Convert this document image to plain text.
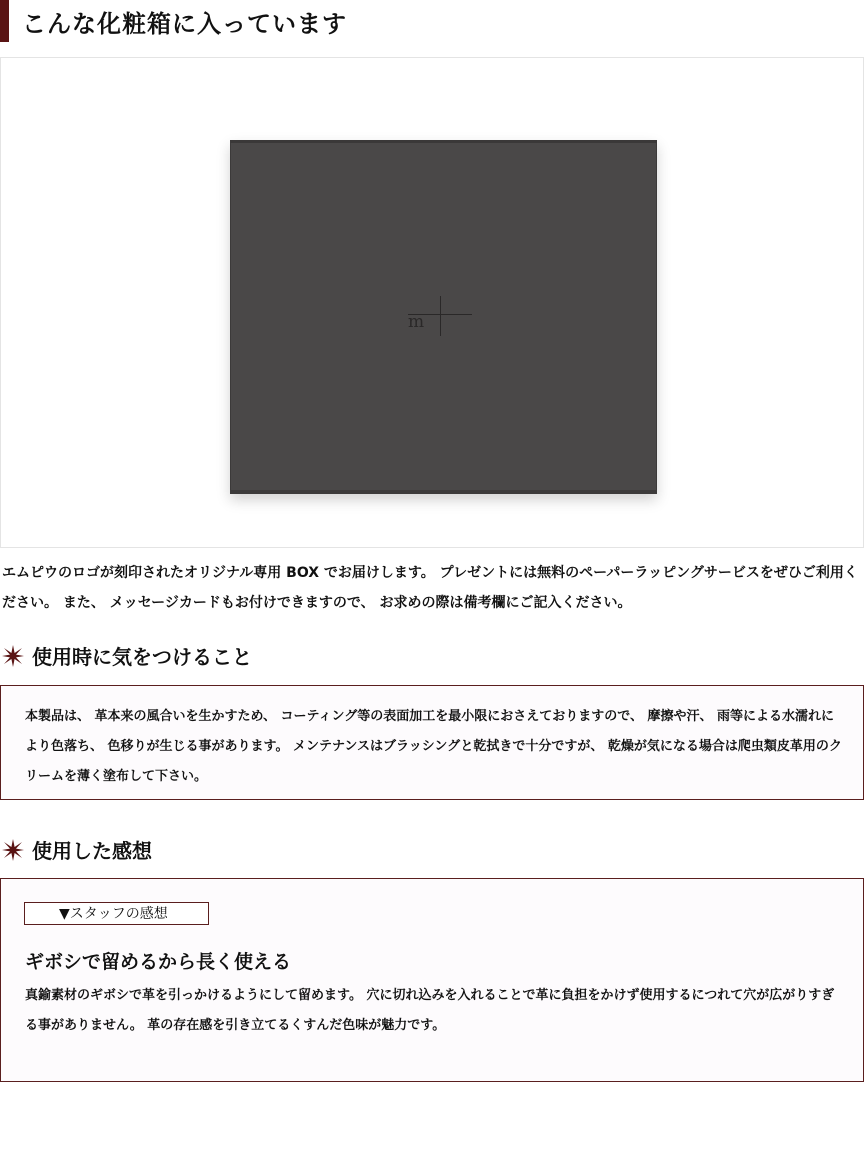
こんな化粧箱に入っています
m
エムピウのロゴが刻印されたオリジナル専用 BOX でお届けします。 プレゼントには無料のペーパーラッピングサービスをぜひご利用ください。 また、 メッセージカードもお付けできますので、 お求めの際は備考欄にご記入ください。
使用時に気をつけること
本製品は、 革本来の風合いを生かすため、 コーティング等の表面加工を最小限におさえておりますので、 摩擦や汗、 雨等による水濡れにより色落ち、 色移りが生じる事があります。 メンテナンスはブラッシングと乾拭きで十分ですが、 乾燥が気になる場合は爬虫類皮革用のクリームを薄く塗布して下さい。
使用した感想
▼スタッフの感想
ギボシで留めるから長く使える
真鍮素材のギボシで革を引っかけるようにして留めます。 穴に切れ込みを入れることで革に負担をかけず使用するにつれて穴が広がりすぎる事がありません。 革の存在感を引き立てるくすんだ色味が魅力です。
